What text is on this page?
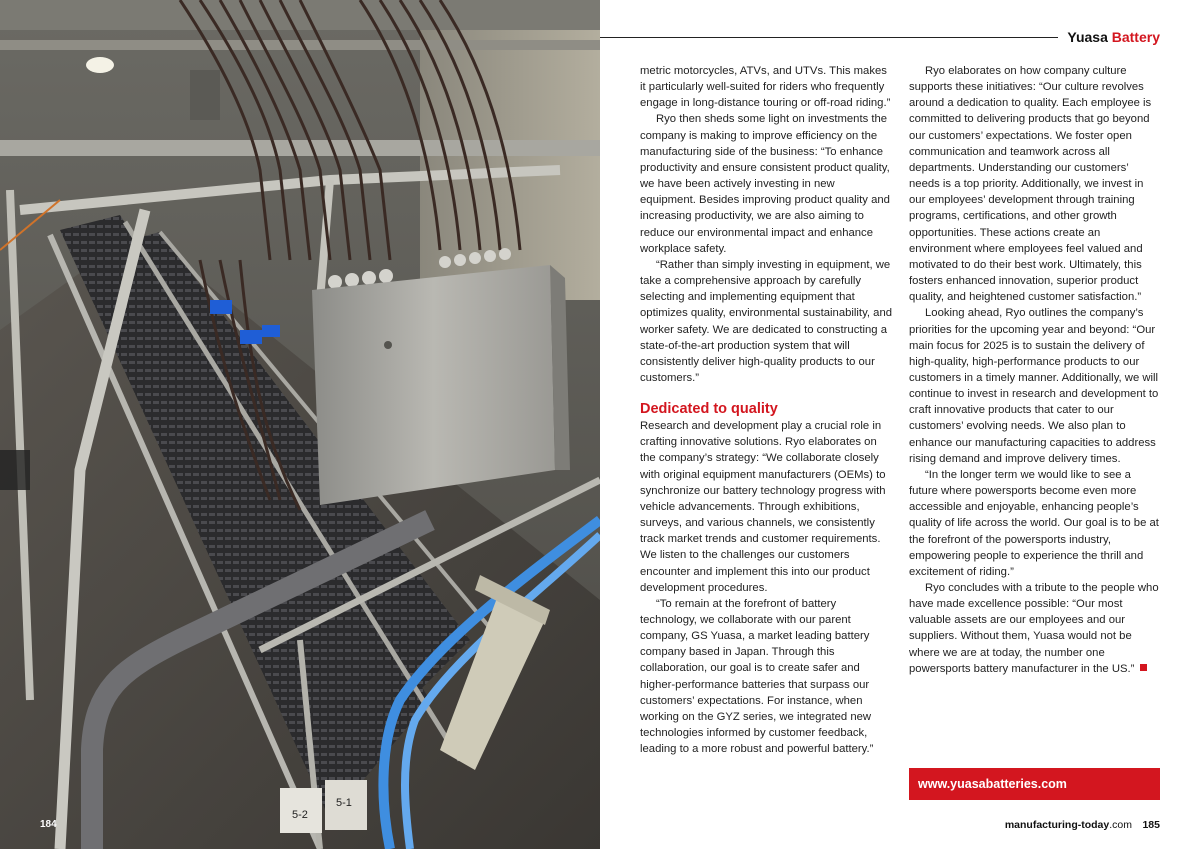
5-2
5-1
184
Yuasa Battery

metric motorcycles, ATVs, and UTVs. This makes it particularly well-suited for riders who frequently engage in long-distance touring or off-road riding.”

Ryo then sheds some light on investments the company is making to improve efficiency on the manufacturing side of the business: “To enhance productivity and ensure consistent product quality, we have been actively investing in new equipment. Besides improving product quality and increasing productivity, we are also aiming to reduce our environmental impact and enhance workplace safety.

“Rather than simply investing in equipment, we take a comprehensive approach by carefully selecting and implementing equipment that optimizes quality, environmental sustainability, and worker safety. We are dedicated to constructing a state-of-the-art production system that will consistently deliver high-quality products to our customers.”

Dedicated to quality

Research and development play a crucial role in crafting innovative solutions. Ryo elaborates on the company’s strategy: “We collaborate closely with original equipment manufacturers (OEMs) to synchronize our battery technology progress with vehicle advancements. Through exhibitions, surveys, and various channels, we consistently track market trends and customer requirements. We listen to the challenges our customers encounter and implement this into our product development procedures.

“To remain at the forefront of battery technology, we collaborate with our parent company, GS Yuasa, a market leading battery company based in Japan. Through this collaboration, our goal is to create safer and higher-performance batteries that surpass our customers’ expectations. For instance, when working on the GYZ series, we integrated new technologies informed by customer feedback, leading to a more robust and powerful battery.”

Ryo elaborates on how company culture supports these initiatives: “Our culture revolves around a dedication to quality. Each employee is committed to delivering products that go beyond our customers’ expectations. We foster open communication and teamwork across all departments. Understanding our customers’ needs is a top priority. Additionally, we invest in our employees’ development through training programs, certifications, and other growth opportunities. These actions create an environment where employees feel valued and motivated to do their best work. Ultimately, this fosters enhanced innovation, superior product quality, and heightened customer satisfaction.”

Looking ahead, Ryo outlines the company’s priorities for the upcoming year and beyond: “Our main focus for 2025 is to sustain the delivery of high-quality, high-performance products to our customers in a timely manner. Additionally, we will continue to invest in research and development to craft innovative products that cater to our customers’ evolving needs. We also plan to enhance our manufacturing capacities to address rising demand and improve delivery times.

“In the longer term we would like to see a future where powersports become even more accessible and enjoyable, enhancing people’s quality of life across the world. Our goal is to be at the forefront of the powersports industry, empowering people to experience the thrill and excitement of riding.”

Ryo concludes with a tribute to the people who have made excellence possible: “Our most valuable assets are our employees and our suppliers. Without them, Yuasa would not be where we are at today, the number one powersports battery manufacturer in the US.”

www.yuasabatteries.com
manufacturing-today.com 185
